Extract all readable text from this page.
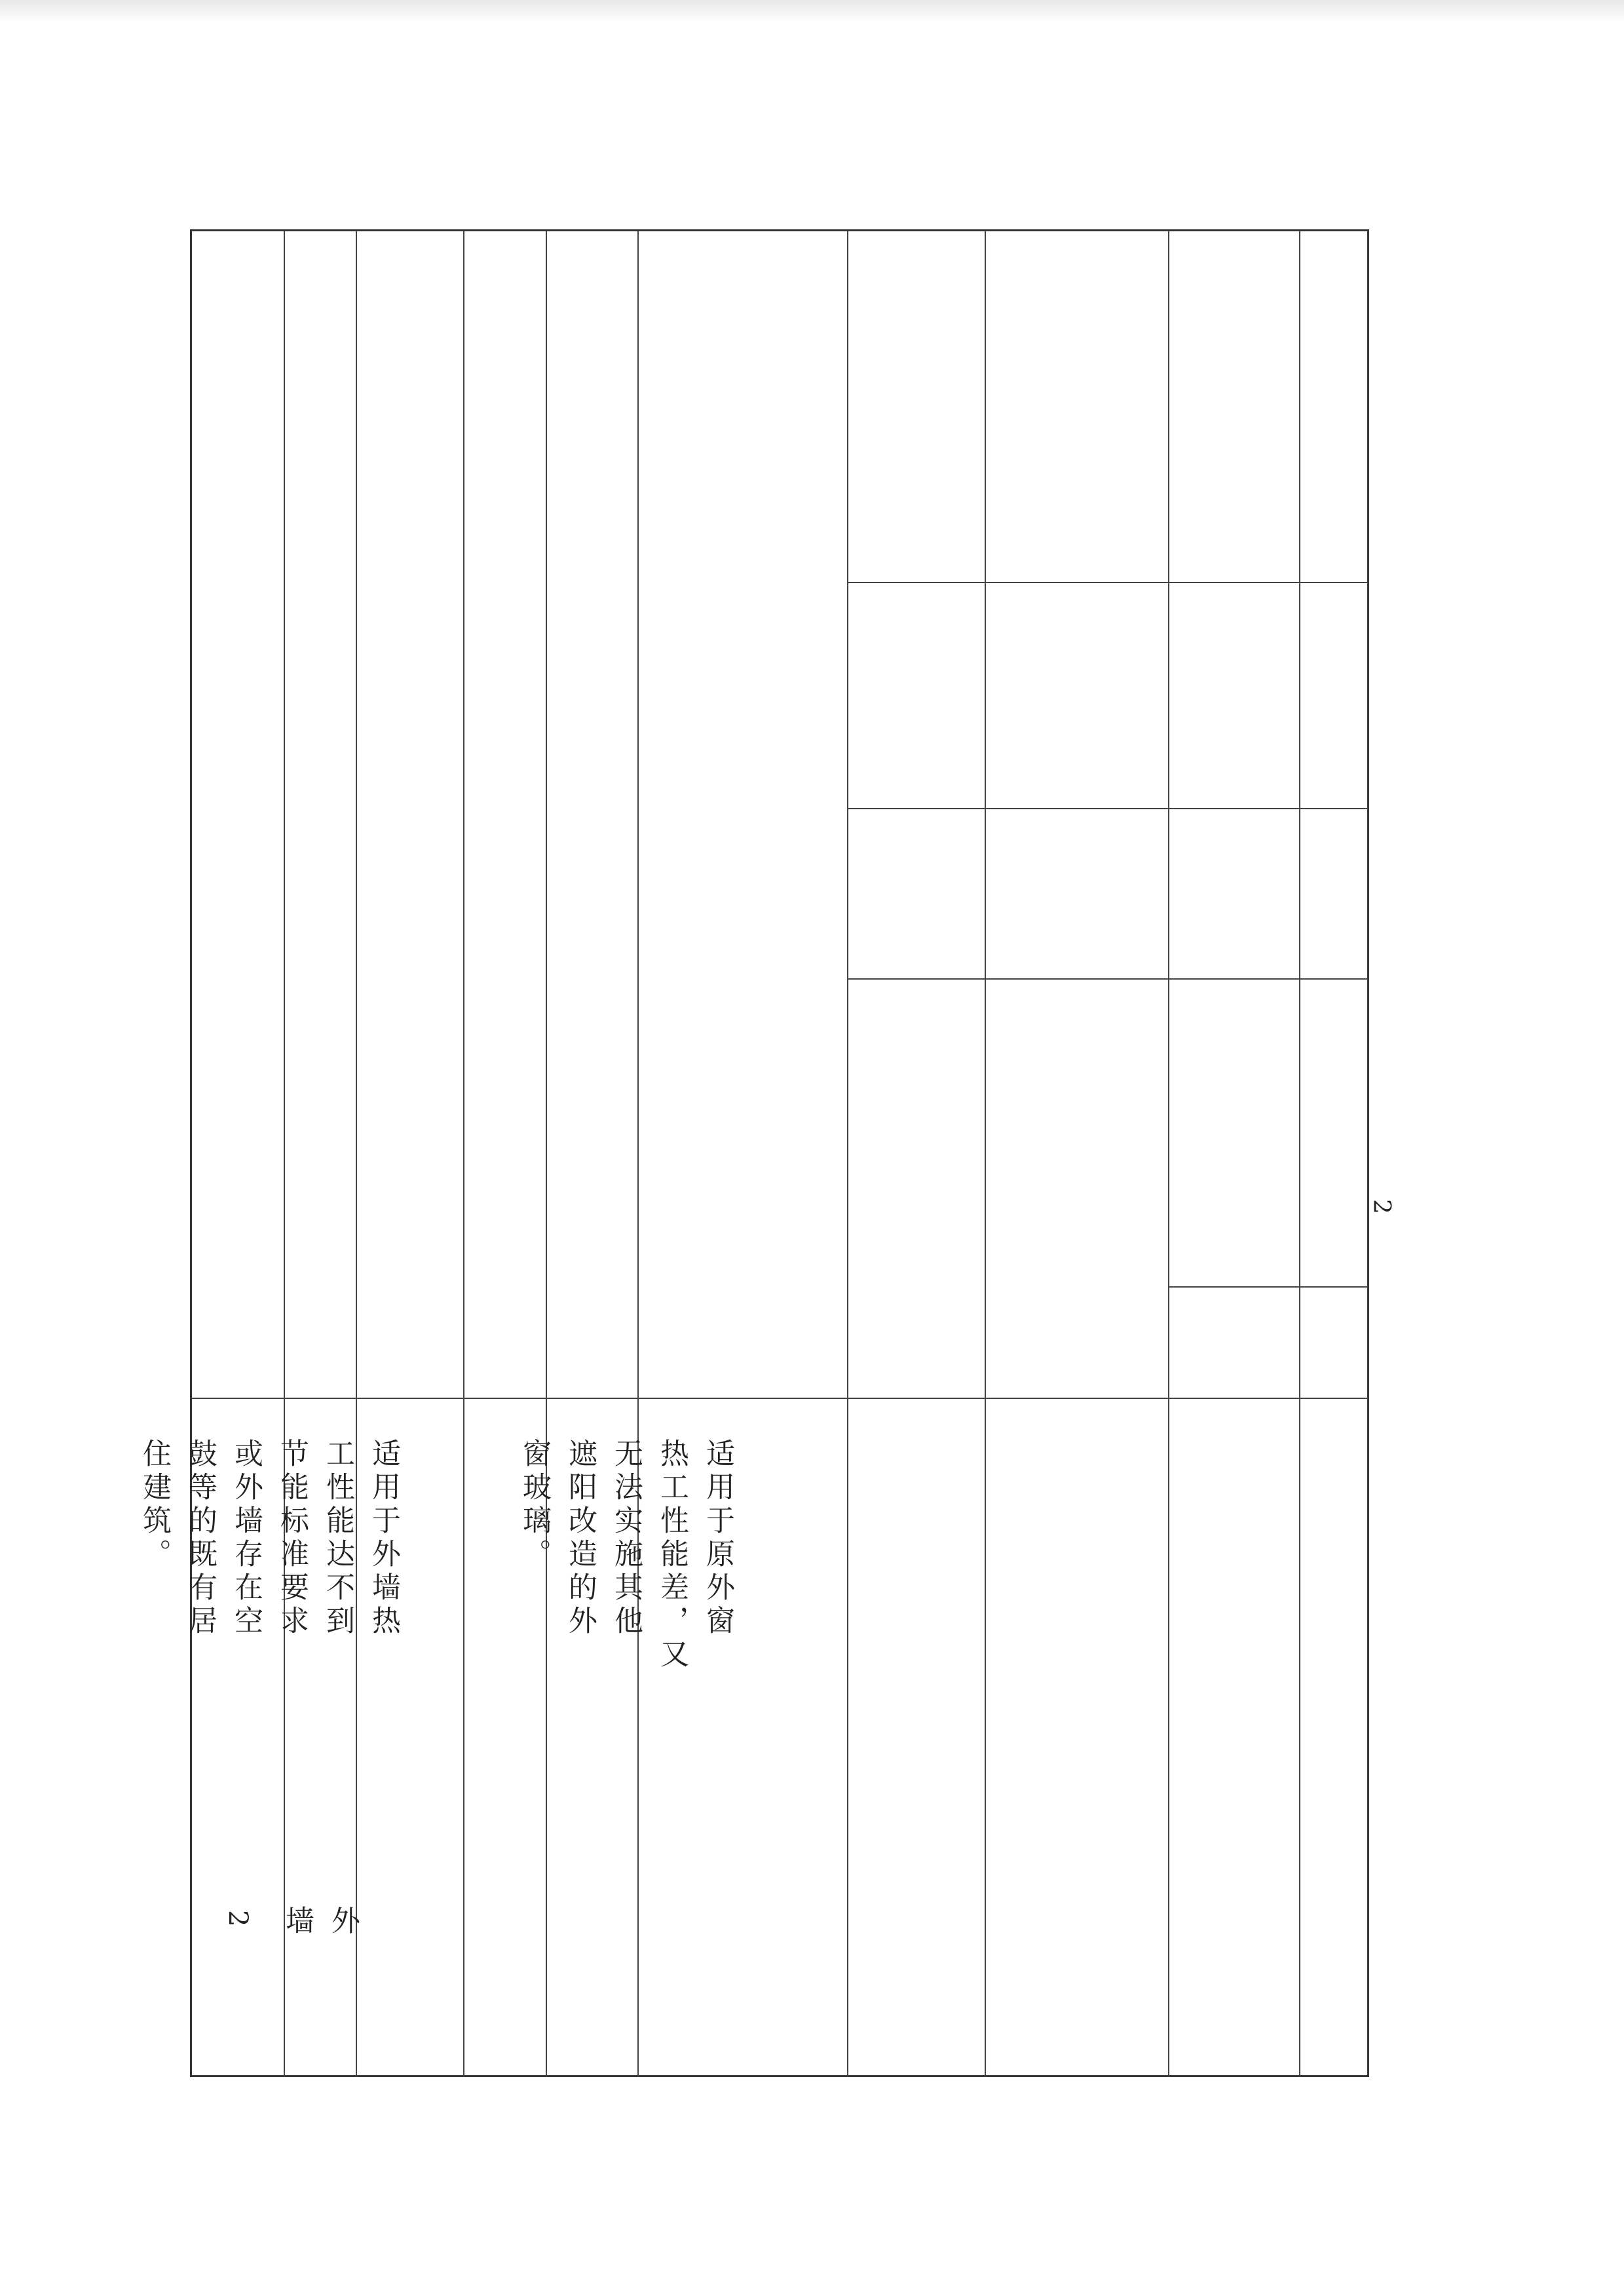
2	外
墙

适用于外墙热
工性能达不到
节能标准要求
或外墙存在空
鼓等的既有居
住建筑。	适用于原外窗
热工性能差，又
无法实施其他
遮阳改造的外
窗玻璃。

2
